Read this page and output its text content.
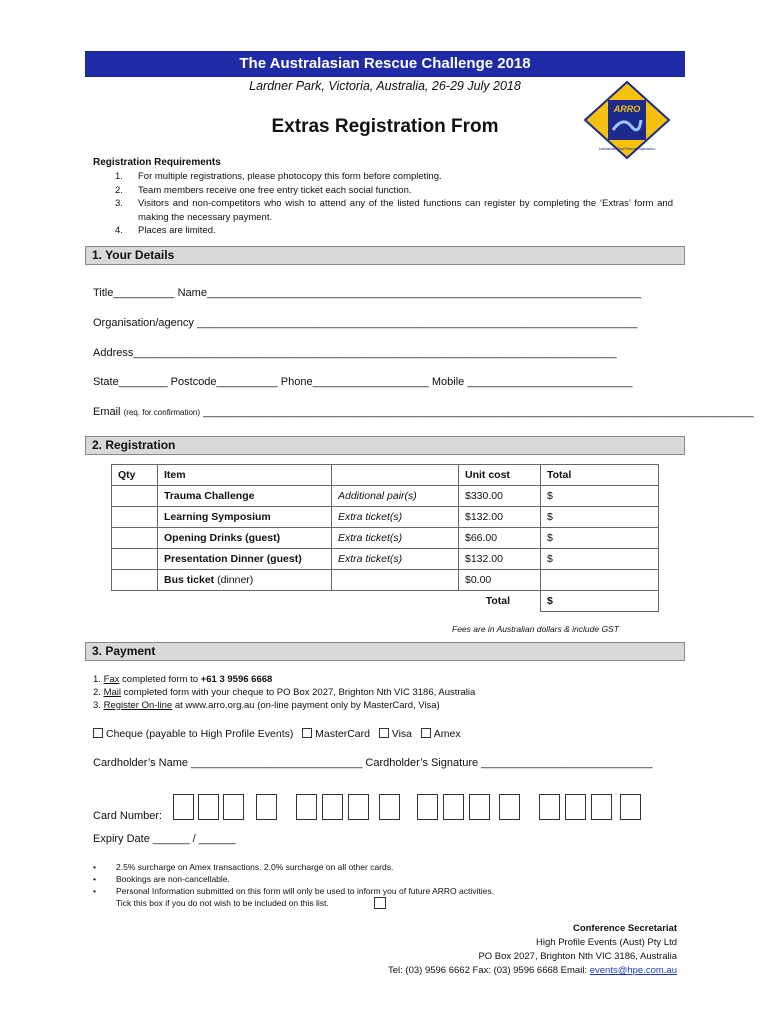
The Australasian Rescue Challenge 2018
Lardner Park, Victoria, Australia, 26-29 July 2018
ARRO
Australasian Road Rescue Organisation
Extras Registration From
Registration Requirements
1.	For multiple registrations, please photocopy this form before completing.
2.	Team members receive one free entry ticket each social function.
3.	Visitors and non-competitors who wish to attend any of the listed functions can register by completing the ‘Extras’ form and making the necessary payment.
4.	Places are limited.
1. Your Details
Title__________ Name_______________________________________________________________________
Organisation/agency ________________________________________________________________________
Address_______________________________________________________________________________
State________ Postcode__________ Phone___________________ Mobile ___________________________
Email (req. for confirmation) __________________________________________________________________________________________
2. Registration
Qty	Item		Unit cost	Total
	Trauma Challenge	Additional pair(s)	$330.00	$
	Learning Symposium	Extra ticket(s)	$132.00	$
	Opening Drinks (guest)	Extra ticket(s)	$66.00	$
	Presentation Dinner (guest)	Extra ticket(s)	$132.00	$
	Bus ticket (dinner)		$0.00	
Total				$
Fees are in Australian dollars & include GST
3. Payment
1. Fax completed form to +61 3 9596 6668
2. Mail completed form with your cheque to PO Box 2027, Brighton Nth VIC 3186, Australia
3. Register On-line at www.arro.org.au (on-line payment only by MasterCard, Visa)
Cheque (payable to High Profile Events) MasterCard Visa Amex
Cardholder’s Name ____________________________ Cardholder’s Signature ____________________________
Card Number:
Expiry Date ______ / ______
• 2.5% surcharge on Amex transactions. 2.0% surcharge on all other cards.
• Bookings are non-cancellable.
• Personal Information submitted on this form will only be used to inform you of future ARRO activities.
Tick this box if you do not wish to be included on this list.
Conference Secretariat
High Profile Events (Aust) Pty Ltd
PO Box 2027, Brighton Nth VIC 3186, Australia
Tel: (03) 9596 6662 Fax: (03) 9596 6668 Email: events@hpe.com.au
